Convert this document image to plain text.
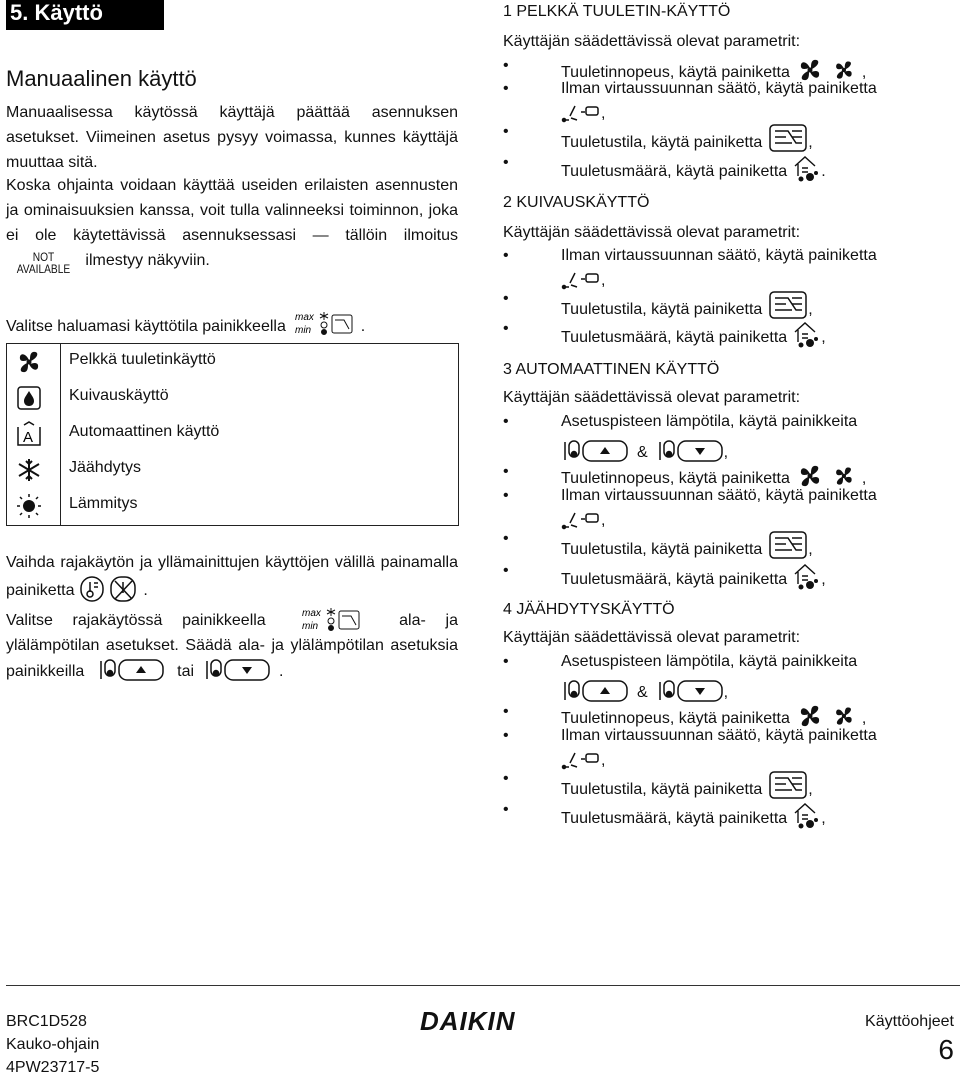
5. Käyttö
Manuaalinen käyttö
Manuaalisessa käytössä käyttäjä päättää asennuksen asetukset. Viimeinen asetus pysyy voimassa, kunnes käyttäjä muuttaa sitä.
Koska ohjainta voidaan käyttää useiden erilaisten asennusten ja ominaisuuksien kanssa, voit tulla valinneeksi toiminnon, joka ei ole käytettävissä asennuksessasi — tällöin ilmoitus NOT
AVAILABLE ilmestyy näkyviin.
Valitse haluamasi käyttötila painikkeella
max
min	.
Pelkkä tuuletinkäyttö
Kuivauskäyttö
A Automaattinen käyttö
Jäähdytys
Lämmitys
Vaihda rajakäytön ja yllämainittujen käyttöjen välillä painamalla painiketta	.
Valitse rajakäytössä painikkeella	max
min	ala- ja ylälämpötilan asetukset. Säädä ala- ja ylälämpötilan asetuksia painikkeilla	tai	.
1 PELKKÄ TUULETIN-KÄYTTÖ
Käyttäjän säädettävissä olevat parametrit:
•	Tuuletinnopeus, käytä painiketta	,
•	Ilman virtaussuunnan säätö, käytä painiketta
,
•
Tuuletustila, käytä painiketta	,
•
Tuuletusmäärä, käytä painiketta .
2 KUIVAUSKÄYTTÖ
Käyttäjän säädettävissä olevat parametrit:
•	Ilman virtaussuunnan säätö, käytä painiketta
,
•
Tuuletustila, käytä painiketta	,
•
Tuuletusmäärä, käytä painiketta ,
3 AUTOMAATTINEN KÄYTTÖ
Käyttäjän säädettävissä olevat parametrit:
•	Asetuspisteen lämpötila, käytä painikkeita
&	,
•	Tuuletinnopeus, käytä painiketta	,
•	Ilman virtaussuunnan säätö, käytä painiketta
,
•
Tuuletustila, käytä painiketta	,
•
Tuuletusmäärä, käytä painiketta ,
4 JÄÄHDYTYSKÄYTTÖ
Käyttäjän säädettävissä olevat parametrit:
•	Asetuspisteen lämpötila, käytä painikkeita
&	,
•	Tuuletinnopeus, käytä painiketta	,
•	Ilman virtaussuunnan säätö, käytä painiketta
,
•
Tuuletustila, käytä painiketta	,
•
Tuuletusmäärä, käytä painiketta ,
BRC1D528
Kauko-ohjain
4PW23717-5
DAIKIN	Käyttöohjeet
6
